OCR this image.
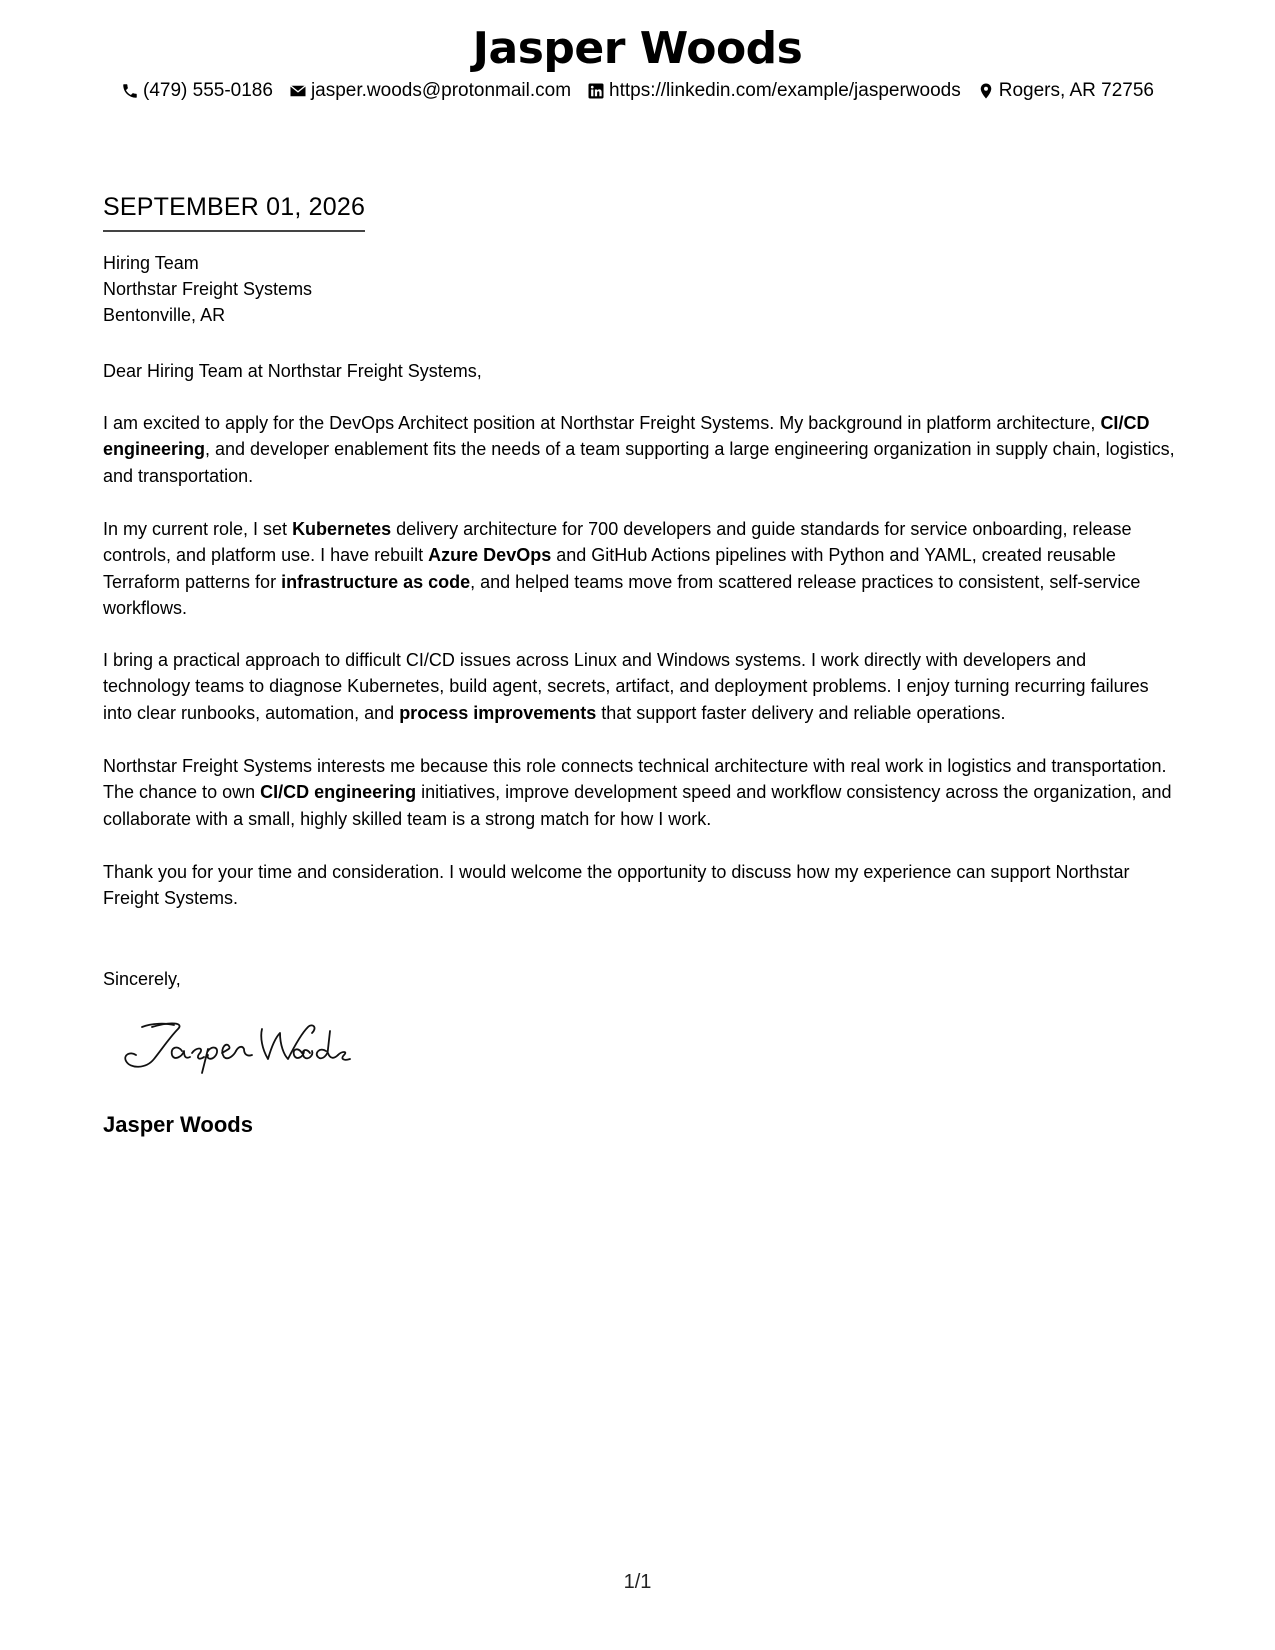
Jasper Woods
(479) 555-0186 jasper.woods@protonmail.com https://linkedin.com/example/jasperwoods Rogers, AR 72756
SEPTEMBER 01, 2026
Hiring Team
Northstar Freight Systems
Bentonville, AR
Dear Hiring Team at Northstar Freight Systems,
I am excited to apply for the DevOps Architect position at Northstar Freight Systems. My background in platform architecture, CI/CD engineering, and developer enablement fits the needs of a team supporting a large engineering organization in supply chain, logistics, and transportation.
In my current role, I set Kubernetes delivery architecture for 700 developers and guide standards for service onboarding, release controls, and platform use. I have rebuilt Azure DevOps and GitHub Actions pipelines with Python and YAML, created reusable Terraform patterns for infrastructure as code, and helped teams move from scattered release practices to consistent, self-service workflows.
I bring a practical approach to difficult CI/CD issues across Linux and Windows systems. I work directly with developers and technology teams to diagnose Kubernetes, build agent, secrets, artifact, and deployment problems. I enjoy turning recurring failures into clear runbooks, automation, and process improvements that support faster delivery and reliable operations.
Northstar Freight Systems interests me because this role connects technical architecture with real work in logistics and transportation. The chance to own CI/CD engineering initiatives, improve development speed and workflow consistency across the organization, and collaborate with a small, highly skilled team is a strong match for how I work.
Thank you for your time and consideration. I would welcome the opportunity to discuss how my experience can support Northstar Freight Systems.
Sincerely,
Jasper Woods
1/1
